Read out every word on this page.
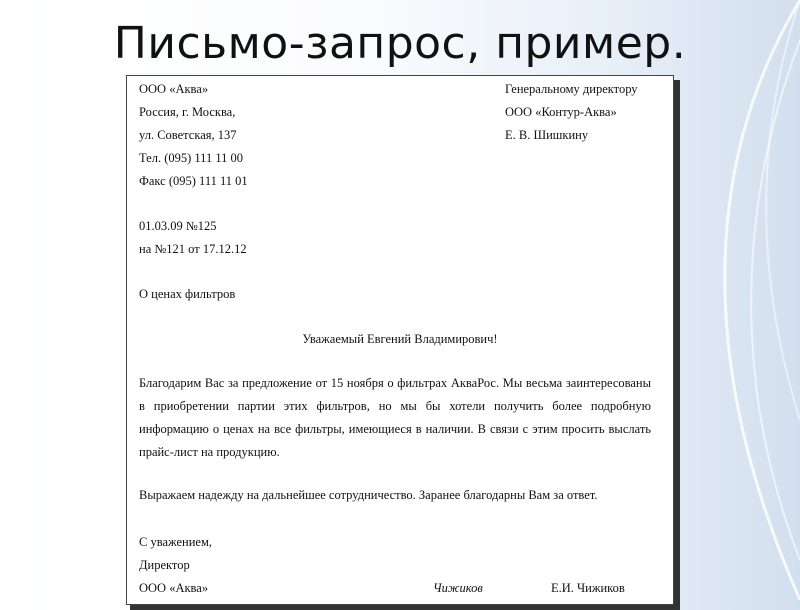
Письмо-запрос, пример.
ООО «Аква»
Россия, г. Москва,
ул. Советская, 137
Тел. (095) 111 11 00
Факс (095) 111 11 01
Генеральному директору
ООО «Контур-Аква»
Е. В. Шишкину
01.03.09 №125
на №121 от 17.12.12
О ценах фильтров
Уважаемый Евгений Владимирович!
Благодарим Вас за предложение от 15 ноября о фильтрах АкваРос. Мы весьма заинтересованы в приобретении партии этих фильтров, но мы бы хотели получить более подробную информацию о ценах на все фильтры, имеющиеся в наличии. В связи с этим просить выслать прайс-лист на продукцию.
Выражаем надежду на дальнейшее сотрудничество. Заранее благодарны Вам за ответ.
С уважением,
Директор
ООО «Аква»	Чижиков	Е.И. Чижиков
